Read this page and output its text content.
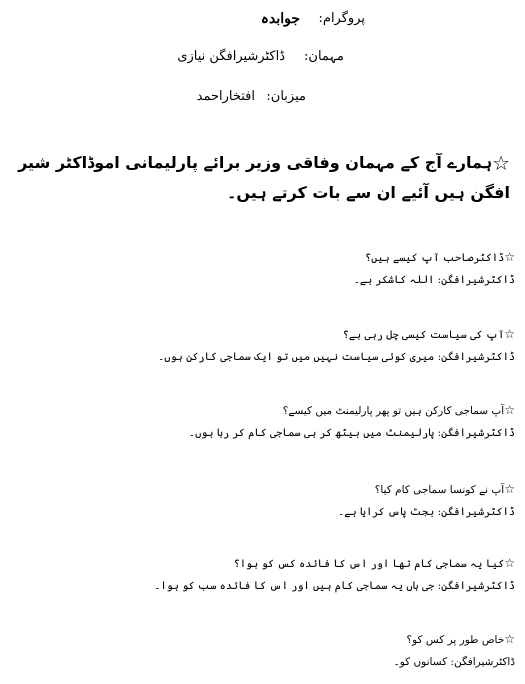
پروگرام:
جوابدہ
مہمان:
ڈاکٹرشیرافگن نیازی
میزبان:
افتخاراحمد
☆ہمارے آج کے مہمان وفاقی وزیر برائے پارلیمانی اموڈاکٹر شیر افگن ہیں آئیے ان سے بات کرتے ہیں۔
☆ڈاکٹرصاحب آپ کیسے ہیں؟
ڈاکٹرشیرافگن: اللہ کاشکر ہے۔
☆آپ کی سیاست کیسی چل رہی ہے؟
ڈاکٹرشیرافگن: میری کوئی سیاست نہیں میں تو ایک سماجی کارکن ہوں۔
☆آپ سماجی کارکن ہیں تو پھر پارلیمنٹ میں کیسے؟
ڈاکٹرشیرافگن: پارلیمنٹ میں بیٹھ کر ہی سماجی کام کر رہا ہوں۔
☆آپ نے کونسا سماجی کام کیا؟
ڈاکٹرشیرافگن: بجٹ پاس کرایا ہے۔
☆کیا یہ سماجی کام تھا اور اس کا فائدہ کس کو ہوا؟
ڈاکٹرشیرافگن: جی ہاں یہ سماجی کام ہیں اور اس کا فائدہ سب کو ہوا۔
☆خاص طور پر کس کو؟
ڈاکٹرشیرافگن: کسانوں کو۔
